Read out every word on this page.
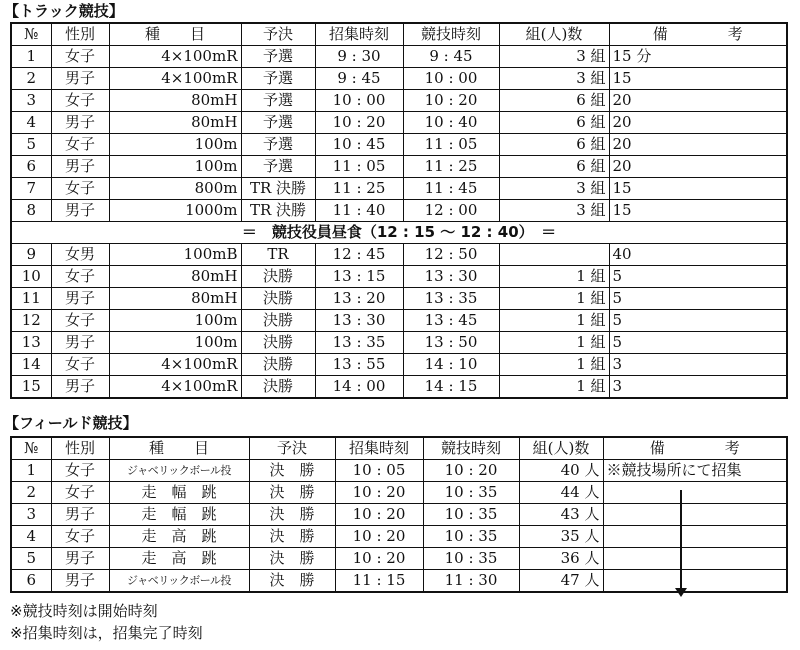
【トラック競技】
№	性別	種　　目	予決	招集時刻	競技時刻	組(人)数	備　　　　考
1	女子	4×100mR	予選	9 : 30	9 : 45	3 組	15 分
2	男子	4×100mR	予選	9 : 45	10 : 00	3 組	15
3	女子	80mH	予選	10 : 00	10 : 20	6 組	20
4	男子	80mH	予選	10 : 20	10 : 40	6 組	20
5	女子	100m	予選	10 : 45	11 : 05	6 組	20
6	男子	100m	予選	11 : 05	11 : 25	6 組	20
7	女子	800m	TR 決勝	11 : 25	11 : 45	3 組	15
8	男子	1000m	TR 決勝	11 : 40	12 : 00	3 組	15
＝　競技役員昼食（12 : 15 〜 12 : 40）　＝							
9	女男	100mB	TR	12 : 45	12 : 50		40
10	女子	80mH	決勝	13 : 15	13 : 30	1 組	5
11	男子	80mH	決勝	13 : 20	13 : 35	1 組	5
12	女子	100m	決勝	13 : 30	13 : 45	1 組	5
13	男子	100m	決勝	13 : 35	13 : 50	1 組	5
14	女子	4×100mR	決勝	13 : 55	14 : 10	1 組	3
15	男子	4×100mR	決勝	14 : 00	14 : 15	1 組	3
【フィールド競技】
№	性別	種　　目	予決	招集時刻	競技時刻	組(人)数	備　　　　考
1	女子	ジャベリックボール投	決　勝	10 : 05	10 : 20	40 人	※競技場所にて招集
2	女子	走　幅　跳	決　勝	10 : 20	10 : 35	44 人	
3	男子	走　幅　跳	決　勝	10 : 20	10 : 35	43 人	
4	女子	走　高　跳	決　勝	10 : 20	10 : 35	35 人	
5	男子	走　高　跳	決　勝	10 : 20	10 : 35	36 人	
6	男子	ジャベリックボール投	決　勝	11 : 15	11 : 30	47 人	
※競技時刻は開始時刻
※招集時刻は，招集完了時刻
